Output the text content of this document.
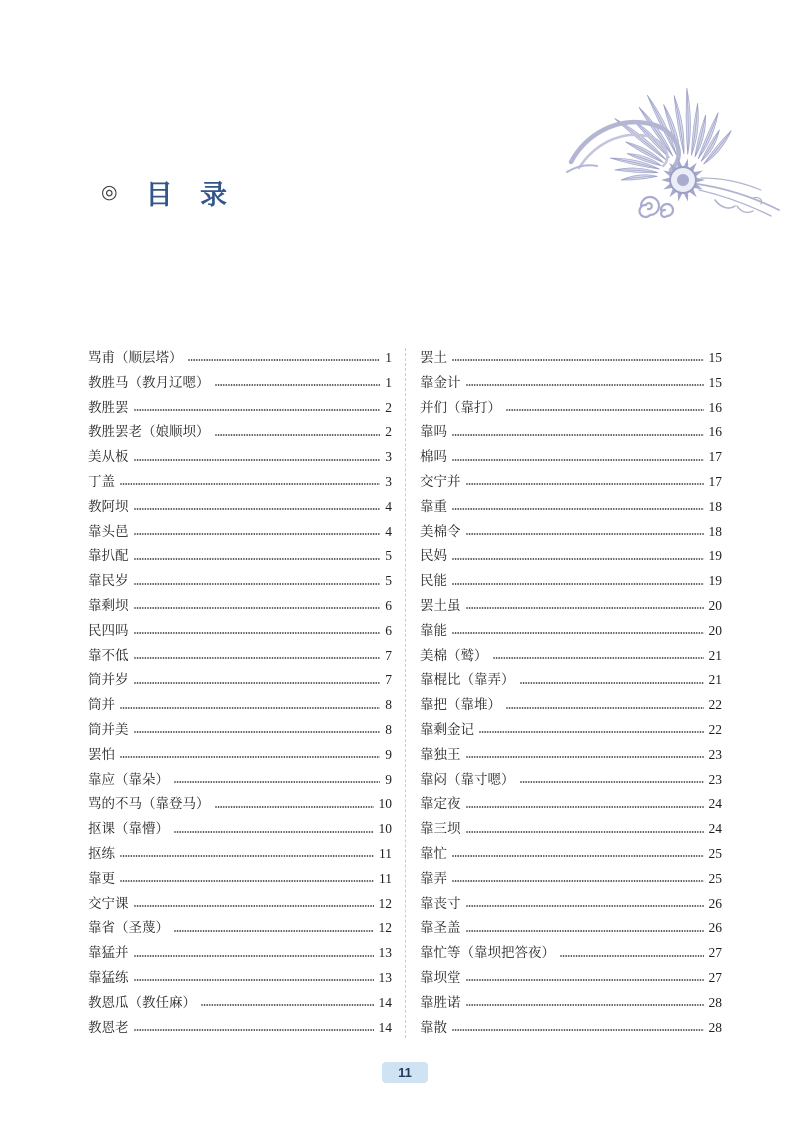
◎ 目 录
骂甫（顺层塔）	1
教胜马（教月辽嗯）	1
教胜罢	2
教胜罢老（娘顺坝）	2
美从板	3
丁盖	3
教阿坝	4
靠头邑	4
靠扒配	5
靠民岁	5
靠剩坝	6
民四吗	6
靠不低	7
筒并岁	7
筒并	8
筒并美	8
罢怕	9
靠应（靠朵）	9
骂的不马（靠登马）	10
抠课（靠懵）	10
抠练	11
靠更	11
交宁课	12
靠省（圣蔑）	12
靠猛并	13
靠猛练	13
教恩瓜（教任麻）	14
教恩老	14
罢土	15
靠金计	15
并们（靠打）	16
靠吗	16
棉吗	17
交宁并	17
靠重	18
美棉令	18
民妈	19
民能	19
罢土虽	20
靠能	20
美棉（鹫）	21
靠棍比（靠弄）	21
靠把（靠堆）	22
靠剩金记	22
靠独王	23
靠闷（靠寸嗯）	23
靠定夜	24
靠三坝	24
靠忙	25
靠弄	25
靠丧寸	26
靠圣盖	26
靠忙等（靠坝把答夜）	27
靠坝堂	27
靠胜诺	28
靠散	28
11
